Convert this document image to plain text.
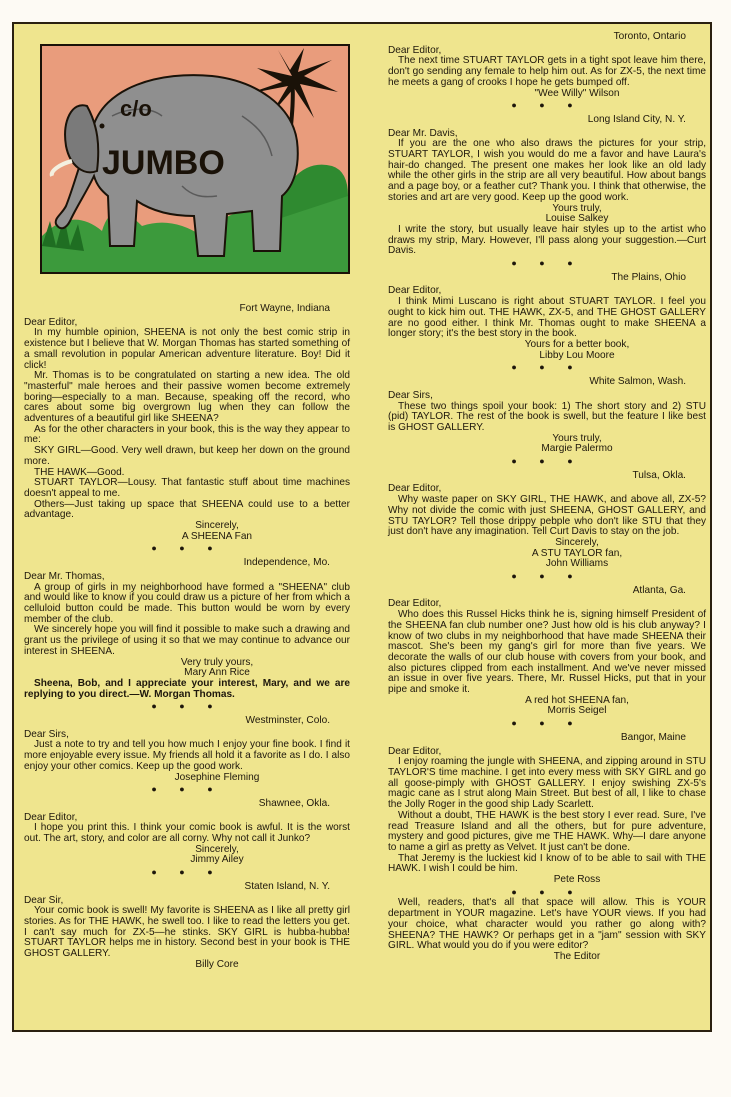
c/o
JUMBO
Fort Wayne, Indiana
Dear Editor,

In my humble opinion, SHEENA is not only the best comic strip in existence but I believe that W. Morgan Thomas has started something of a small revolution in popular American adventure literature. Boy! Did it click!

Mr. Thomas is to be congratulated on starting a new idea. The old "masterful" male heroes and their passive women become extremely boring—especially to a man. Because, speaking off the record, who cares about some big overgrown lug when they can follow the adventures of a beautiful girl like SHEENA?

As for the other characters in your book, this is the way they appear to me:

SKY GIRL—Good. Very well drawn, but keep her down on the ground more.

THE HAWK—Good.

STUART TAYLOR—Lousy. That fantastic stuff about time machines doesn't appeal to me.

Others—Just taking up space that SHEENA could use to a better advantage.

Sincerely,
A SHEENA Fan
● ● ●
Independence, Mo.
Dear Mr. Thomas,

A group of girls in my neighborhood have formed a "SHEENA" club and would like to know if you could draw us a picture of her from which a celluloid button could be made. This button would be worn by every member of the club.

We sincerely hope you will find it possible to make such a drawing and grant us the privilege of using it so that we may continue to advance our interest in SHEENA.

Very truly yours,
Mary Ann Rice

Sheena, Bob, and I appreciate your interest, Mary, and we are replying to you direct.—W. Morgan Thomas.

● ● ●
Westminster, Colo.
Dear Sirs,

Just a note to try and tell you how much I enjoy your fine book. I find it more enjoyable every issue. My friends all hold it a favorite as I do. I also enjoy your other comics. Keep up the good work.

Josephine Fleming
● ● ●
Shawnee, Okla.
Dear Editor,

I hope you print this. I think your comic book is awful. It is the worst out. The art, story, and color are all corny. Why not call it Junko?

Sincerely,
Jimmy Ailey
● ● ●
Staten Island, N. Y.
Dear Sir,

Your comic book is swell! My favorite is SHEENA as I like all pretty girl stories. As for THE HAWK, he swell too. I like to read the letters you get. I can't say much for ZX-5—he stinks. SKY GIRL is hubba-hubba! STUART TAYLOR helps me in history. Second best in your book is THE GHOST GALLERY.

Billy Core
Toronto, Ontario
Dear Editor,

The next time STUART TAYLOR gets in a tight spot leave him there, don't go sending any female to help him out. As for ZX-5, the next time he meets a gang of crooks I hope he gets bumped off.

"Wee Willy" Wilson
● ● ●
Long Island City, N. Y.
Dear Mr. Davis,

If you are the one who also draws the pictures for your strip, STUART TAYLOR, I wish you would do me a favor and have Laura's hair-do changed. The present one makes her look like an old lady while the other girls in the strip are all very beautiful. How about bangs and a page boy, or a feather cut? Thank you. I think that otherwise, the stories and art are very good. Keep up the good work.

Yours truly,
Louise Salkey

I write the story, but usually leave hair styles up to the artist who draws my strip, Mary. However, I'll pass along your suggestion.—Curt Davis.

● ● ●
The Plains, Ohio
Dear Editor,

I think Mimi Luscano is right about STUART TAYLOR. I feel you ought to kick him out. THE HAWK, ZX-5, and THE GHOST GALLERY are no good either. I think Mr. Thomas ought to make SHEENA a longer story; it's the best story in the book.

Yours for a better book,
Libby Lou Moore
● ● ●
White Salmon, Wash.
Dear Sirs,

These two things spoil your book: 1) The short story and 2) STU (pid) TAYLOR. The rest of the book is swell, but the feature I like best is GHOST GALLERY.

Yours truly,
Margie Palermo
● ● ●
Tulsa, Okla.
Dear Editor,

Why waste paper on SKY GIRL, THE HAWK, and above all, ZX-5? Why not divide the comic with just SHEENA, GHOST GALLERY, and STU TAYLOR? Tell those drippy pebple who don't like STU that they just don't have any imagination. Tell Curt Davis to stay on the job.

Sincerely,
A STU TAYLOR fan,
John Williams
● ● ●
Atlanta, Ga.
Dear Editor,

Who does this Russel Hicks think he is, signing himself President of the SHEENA fan club number one? Just how old is his club anyway? I know of two clubs in my neighborhood that have made SHEENA their mascot. She's been my gang's girl for more than five years. We decorate the walls of our club house with covers from your book, and also pictures clipped from each installment. And we've never missed an issue in over five years. There, Mr. Russel Hicks, put that in your pipe and smoke it.

A red hot SHEENA fan,
Morris Seigel
● ● ●
Bangor, Maine
Dear Editor,

I enjoy roaming the jungle with SHEENA, and zipping around in STU TAYLOR'S time machine. I get into every mess with SKY GIRL and go all goose-pimply with GHOST GALLERY. I enjoy swishing ZX-5's magic cane as I strut along Main Street. But best of all, I like to chase the Jolly Roger in the good ship Lady Scarlett.

Without a doubt, THE HAWK is the best story I ever read. Sure, I've read Treasure Island and all the others, but for pure adventure, mystery and good pictures, give me THE HAWK. Why—I dare anyone to name a girl as pretty as Velvet. It just can't be done.

That Jeremy is the luckiest kid I know of to be able to sail with THE HAWK. I wish I could be him.

Pete Ross
● ● ●

Well, readers, that's all that space will allow. This is YOUR department in YOUR magazine. Let's have YOUR views. If you had your choice, what character would you rather go along with? SHEENA? THE HAWK? Or perhaps get in a "jam" session with SKY GIRL. What would you do if you were editor?

The Editor
